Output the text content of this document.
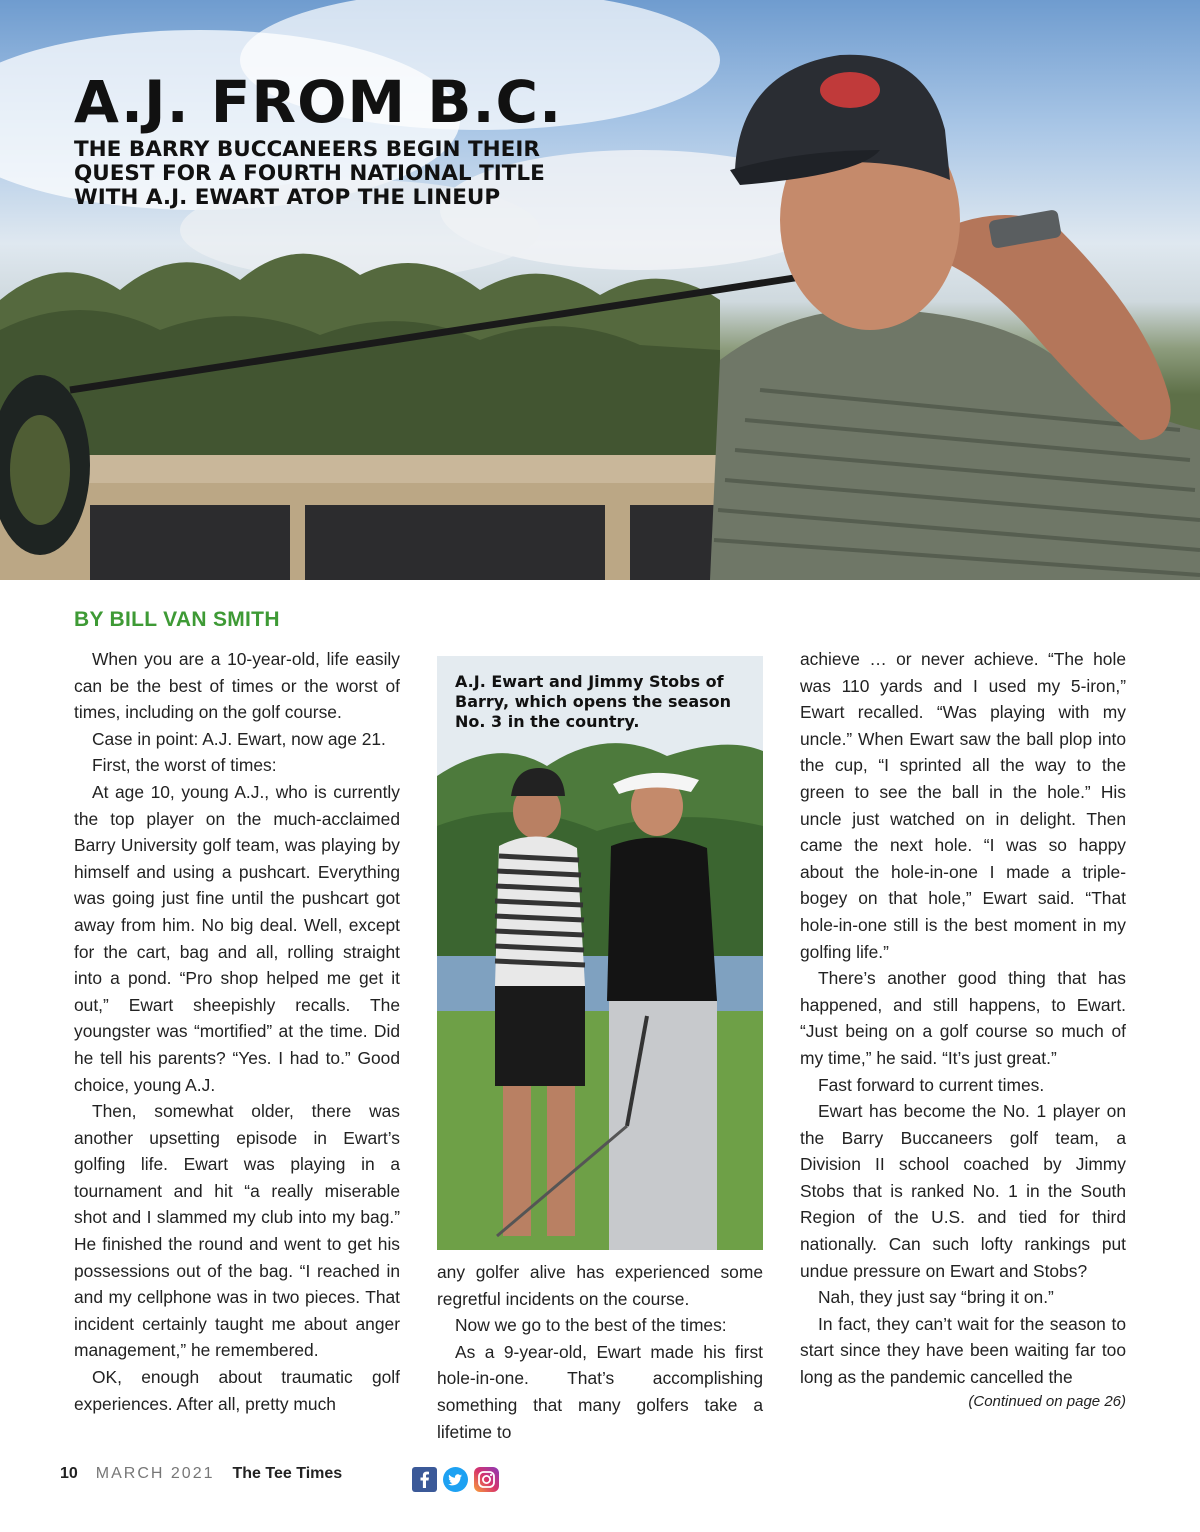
A.J. FROM B.C.
THE BARRY BUCCANEERS BEGIN THEIR QUEST FOR A FOURTH NATIONAL TITLE WITH A.J. EWART ATOP THE LINEUP
BY BILL VAN SMITH

When you are a 10-year-old, life easily can be the best of times or the worst of times, including on the golf course.

Case in point: A.J. Ewart, now age 21.

First, the worst of times:

At age 10, young A.J., who is currently the top player on the much-acclaimed Barry University golf team, was playing by himself and using a pushcart. Everything was going just fine until the pushcart got away from him. No big deal. Well, except for the cart, bag and all, rolling straight into a pond. “Pro shop helped me get it out,” Ewart sheepishly recalls. The youngster was “mortified” at the time. Did he tell his parents? “Yes. I had to.” Good choice, young A.J.

Then, somewhat older, there was another upsetting episode in Ewart’s golfing life. Ewart was playing in a tournament and hit “a really miserable shot and I slammed my club into my bag.” He finished the round and went to get his possessions out of the bag. “I reached in and my cellphone was in two pieces. That incident certainly taught me about anger management,” he remembered.

OK, enough about traumatic golf experiences. After all, pretty much

A.J. Ewart and Jimmy Stobs of Barry, which opens the season No. 3 in the country.

any golfer alive has experienced some regretful incidents on the course.

Now we go to the best of the times:

As a 9-year-old, Ewart made his first hole-in-one. That’s accomplishing something that many golfers take a lifetime to

achieve … or never achieve. “The hole was 110 yards and I used my 5-iron,” Ewart recalled. “Was playing with my uncle.” When Ewart saw the ball plop into the cup, “I sprinted all the way to the green to see the ball in the hole.” His uncle just watched on in delight. Then came the next hole. “I was so happy about the hole-in-one I made a triple-bogey on that hole,” Ewart said. “That hole-in-one still is the best moment in my golfing life.”

There’s another good thing that has happened, and still happens, to Ewart. “Just being on a golf course so much of my time,” he said. “It’s just great.”

Fast forward to current times.

Ewart has become the No. 1 player on the Barry Buccaneers golf team, a Division II school coached by Jimmy Stobs that is ranked No. 1 in the South Region of the U.S. and tied for third nationally. Can such lofty rankings put undue pressure on Ewart and Stobs?

Nah, they just say “bring it on.”

In fact, they can’t wait for the season to start since they have been waiting far too long as the pandemic cancelled the

(Continued on page 26)
10 MARCH 2021 The Tee Times
